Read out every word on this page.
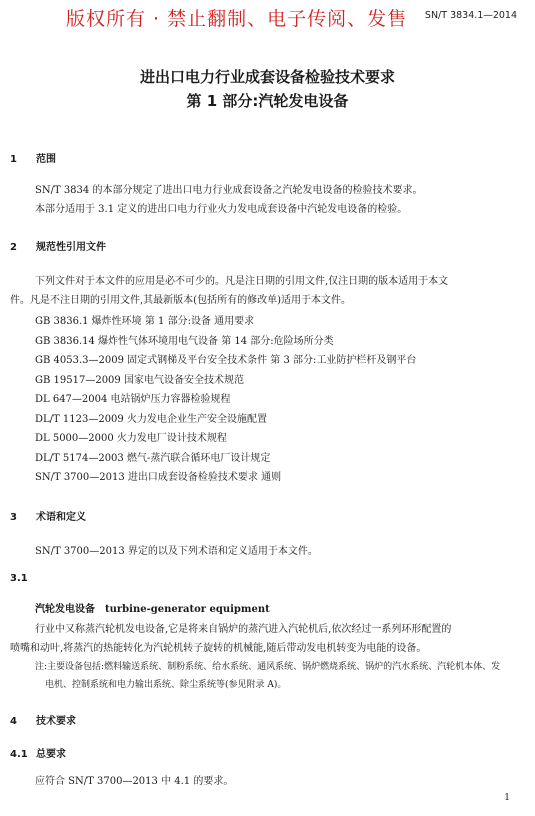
版权所有 · 禁止翻制、电子传阅、发售 SN/T 3834.1—2014
进出口电力行业成套设备检验技术要求
第 1 部分:汽轮发电设备
1 范围
SN/T 3834 的本部分规定了进出口电力行业成套设备之汽轮发电设备的检验技术要求。
本部分适用于 3.1 定义的进出口电力行业火力发电成套设备中汽轮发电设备的检验。
2 规范性引用文件
下列文件对于本文件的应用是必不可少的。凡是注日期的引用文件,仅注日期的版本适用于本文
件。凡是不注日期的引用文件,其最新版本(包括所有的修改单)适用于本文件。
GB 3836.1 爆炸性环境 第 1 部分:设备 通用要求
GB 3836.14 爆炸性气体环境用电气设备 第 14 部分:危险场所分类
GB 4053.3—2009 固定式钢梯及平台安全技术条件 第 3 部分:工业防护栏杆及钢平台
GB 19517—2009 国家电气设备安全技术规范
DL 647—2004 电站锅炉压力容器检验规程
DL/T 1123—2009 火力发电企业生产安全设施配置
DL 5000—2000 火力发电厂设计技术规程
DL/T 5174—2003 燃气-蒸汽联合循环电厂设计规定
SN/T 3700—2013 进出口成套设备检验技术要求 通则
3 术语和定义
SN/T 3700—2013 界定的以及下列术语和定义适用于本文件。
3.1
汽轮发电设备 turbine-generator equipment
行业中又称蒸汽轮机发电设备,它是将来自锅炉的蒸汽进入汽轮机后,依次经过一系列环形配置的
喷嘴和动叶,将蒸汽的热能转化为汽轮机转子旋转的机械能,随后带动发电机转变为电能的设备。
注:主要设备包括:燃料输送系统、制粉系统、给水系统、通风系统、锅炉燃烧系统、锅炉的汽水系统、汽轮机本体、发
电机、控制系统和电力输出系统、除尘系统等(参见附录 A)。
4 技术要求
4.1 总要求
应符合 SN/T 3700—2013 中 4.1 的要求。
1
